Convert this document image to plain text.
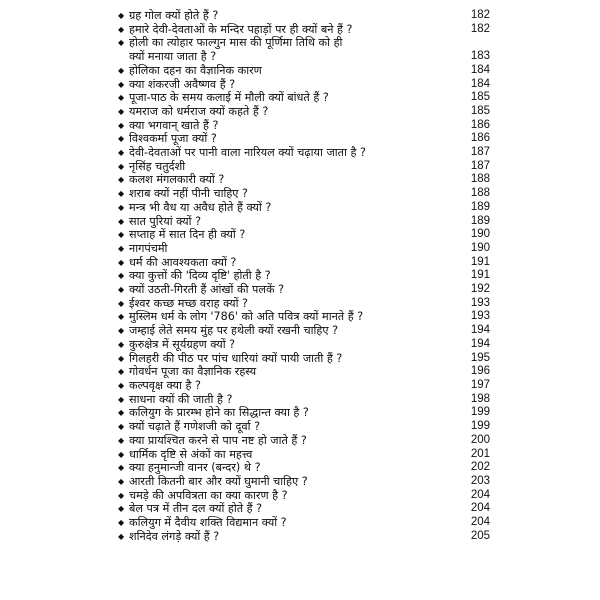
◆ ग्रह गोल क्यों होते हैं ?	182
◆ हमारे देवी-देवताओं के मन्दिर पहाड़ों पर ही क्यों बने हैं ?	182
◆ होली का त्योहार फाल्गुन मास की पूर्णिमा तिथि को ही
क्यों मनाया जाता है ?	183
◆ होलिका दहन का वैज्ञानिक कारण	184
◆ क्या शंकरजी अवैष्णव हैं ?	184
◆ पूजा-पाठ के समय कलाई में मौली क्यों बांधते हैं ?	185
◆ यमराज को धर्मराज क्यों कहते हैं ?	185
◆ क्या भगवान् खाते हैं ?	186
◆ विश्वकर्मा पूजा क्यों ?	186
◆ देवी-देवताओं पर पानी वाला नारियल क्यों चढ़ाया जाता है ?	187
◆ नृसिंह चतुर्दशी	187
◆ कलश मंगलकारी क्यों ?	188
◆ शराब क्यों नहीं पीनी चाहिए ?	188
◆ मन्त्र भी वैध या अवैध होते हैं क्यों ?	189
◆ सात पुरियां क्यों ?	189
◆ सप्ताह में सात दिन ही क्यों ?	190
◆ नागपंचमी	190
◆ धर्म की आवश्यकता क्यों ?	191
◆ क्या कुत्तों की 'दिव्य दृष्टि' होती है ?	191
◆ क्यों उठती-गिरती हैं आंखों की पलकें ?	192
◆ ईश्वर कच्छ मच्छ वराह क्यों ?	193
◆ मुस्लिम धर्म के लोग '786' को अति पवित्र क्यों मानते हैं ?	193
◆ जम्हाई लेते समय मुंह पर हथेली क्यों रखनी चाहिए ?	194
◆ कुरुक्षेत्र में सूर्यग्रहण क्यों ?	194
◆ गिलहरी की पीठ पर पांच धारियां क्यों पायी जाती हैं ?	195
◆ गोवर्धन पूजा का वैज्ञानिक रहस्य	196
◆ कल्पवृक्ष क्या है ?	197
◆ साधना क्यों की जाती है ?	198
◆ कलियुग के प्रारम्भ होने का सिद्धान्त क्या है ?	199
◆ क्यों चढ़ाते हैं गणेशजी को दूर्वा ?	199
◆ क्या प्रायश्चित करने से पाप नष्ट हो जाते हैं ?	200
◆ धार्मिक दृष्टि से अंकों का महत्त्व	201
◆ क्या हनुमान्जी वानर (बन्दर) थे ?	202
◆ आरती कितनी बार और क्यों घुमानी चाहिए ?	203
◆ चमड़े की अपवित्रता का क्या कारण है ?	204
◆ बेल पत्र में तीन दल क्यों होते हैं ?	204
◆ कलियुग में दैवीय शक्ति विद्यमान क्यों ?	204
◆ शनिदेव लंगड़े क्यों हैं ?	205
